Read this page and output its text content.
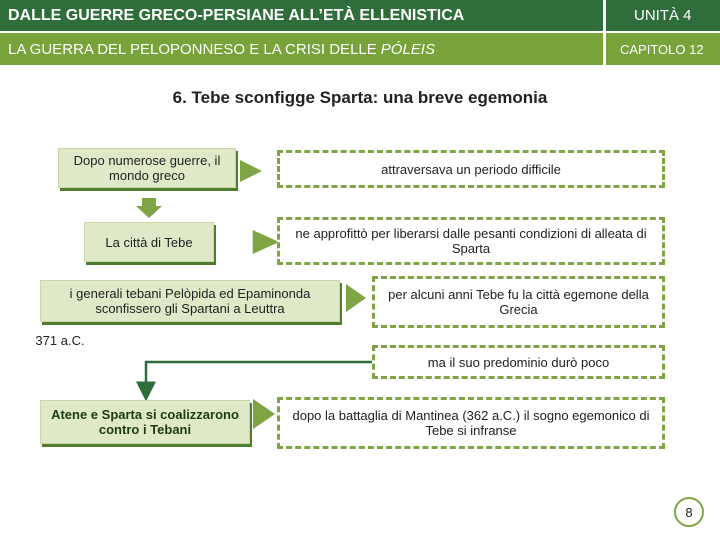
DALLE GUERRE GRECO-PERSIANE ALL’ETÀ ELLENISTICA	UNITÀ 4
LA GUERRA DEL PELOPONNESO E LA CRISI DELLE PÓLEIS	CAPITOLO 12
6. Tebe sconfigge Sparta: una breve egemonia
Dopo numerose guerre, il mondo greco
La città di Tebe
i generali tebani Pelòpida ed Epaminonda sconfissero gli Spartani a Leuttra
Atene e Sparta si coalizzarono contro i Tebani
371 a.C.
attraversava un periodo difficile
ne approfittò per liberarsi dalle pesanti condizioni di alleata di Sparta
per alcuni anni Tebe fu la città egemone della Grecia
ma il suo predominio durò poco
dopo la battaglia di Mantinea (362 a.C.) il sogno egemonico di Tebe si infranse
8
